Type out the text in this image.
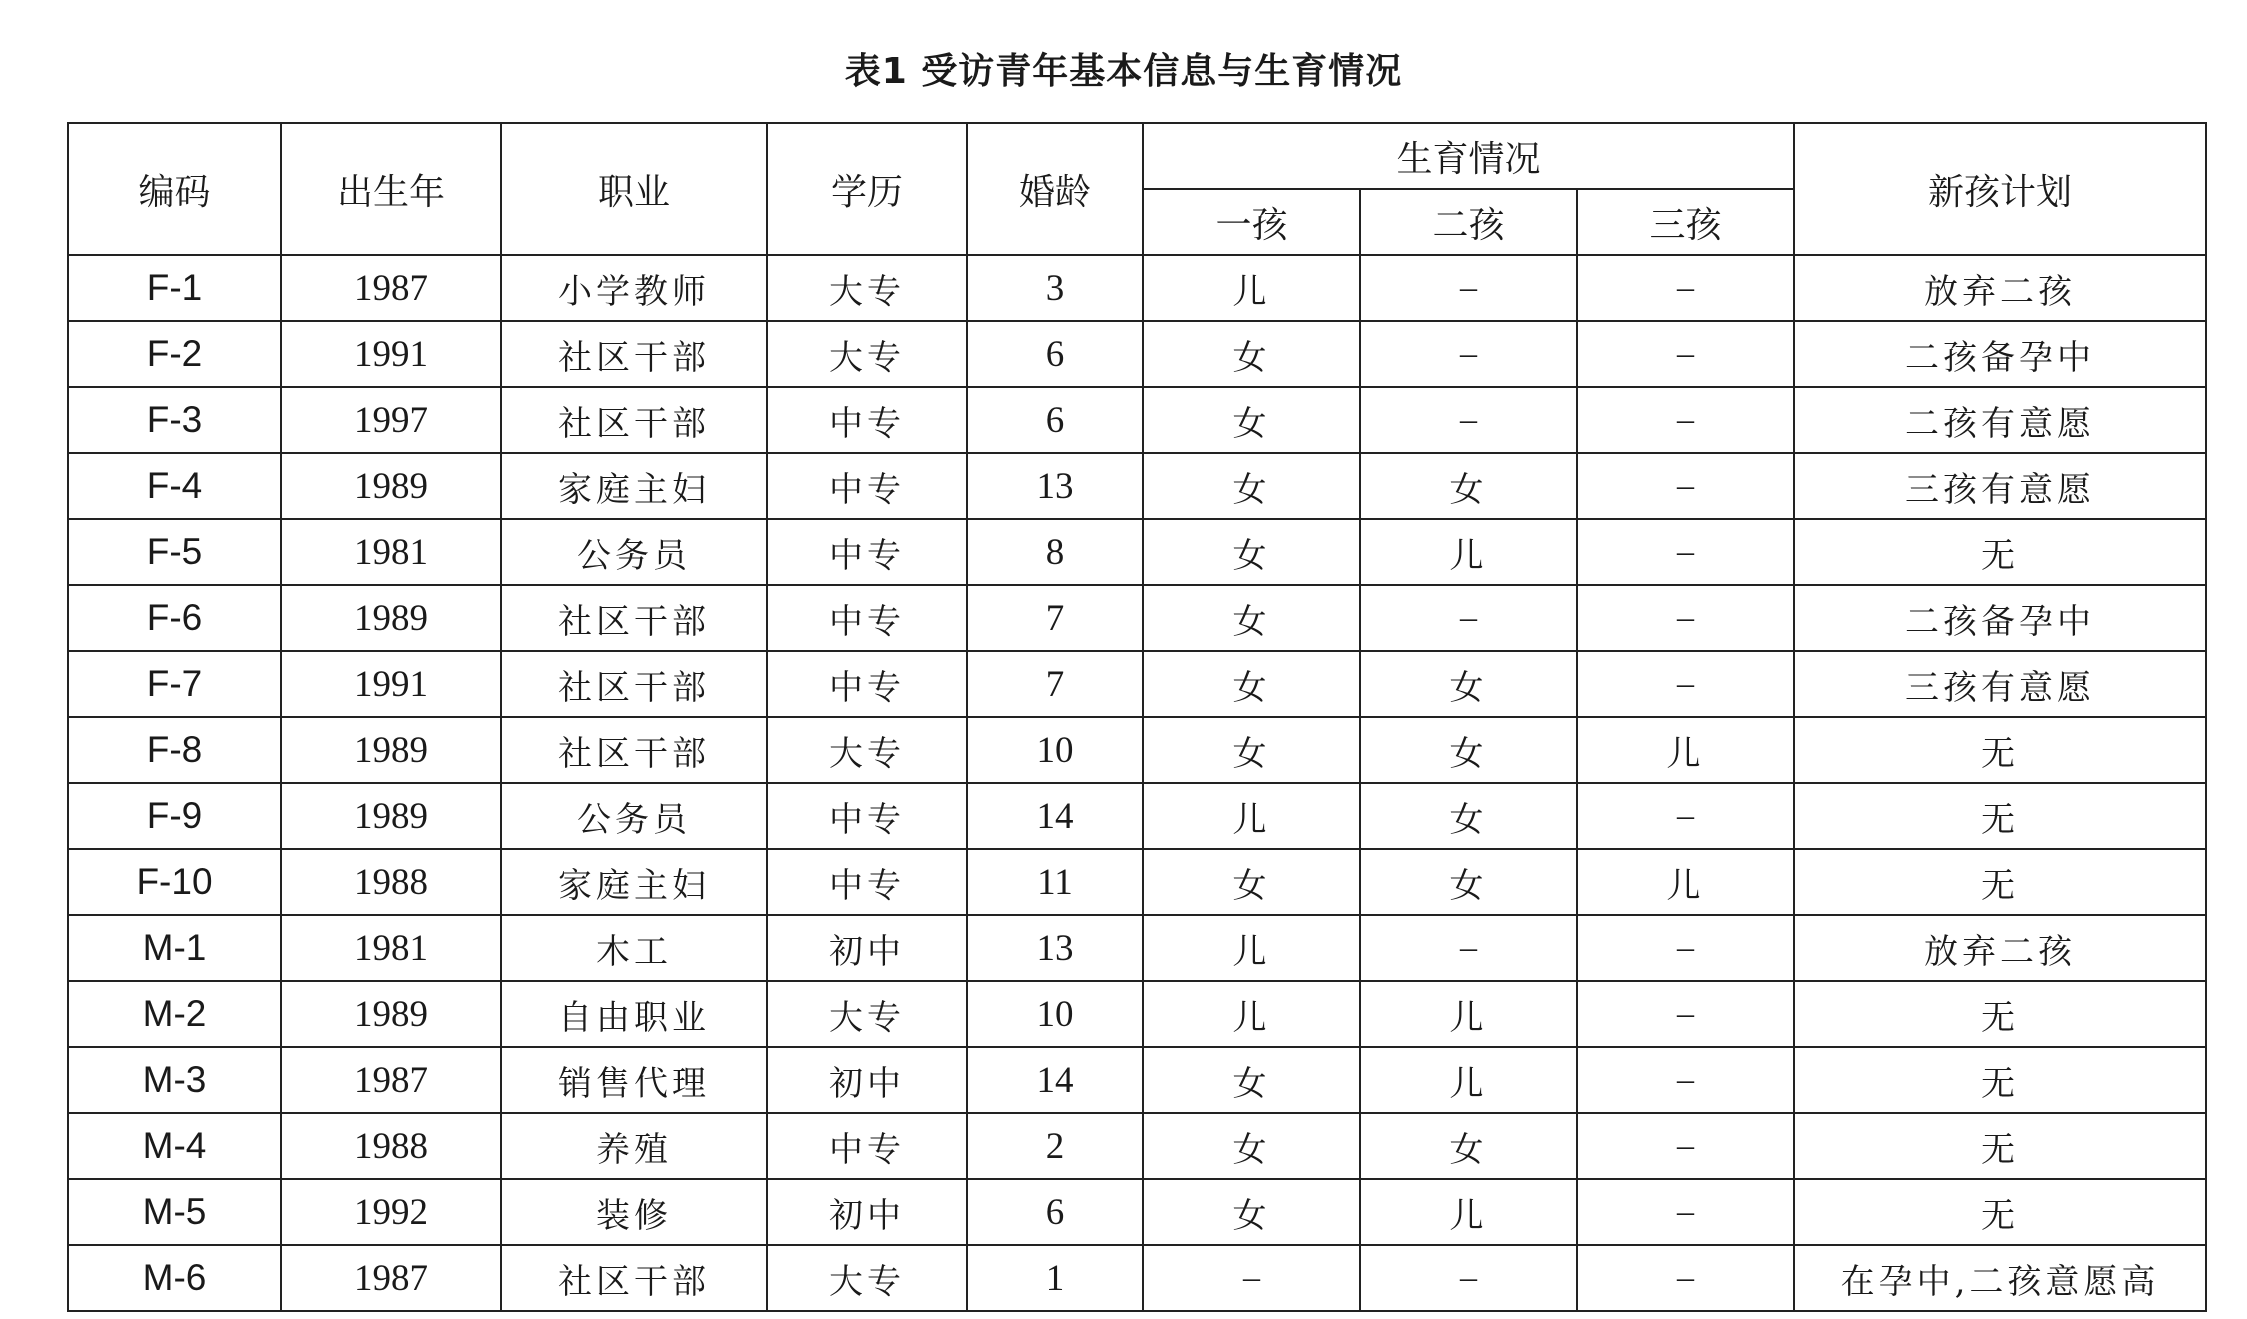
表1 受访青年基本信息与生育情况
编码	出生年	职业	学历	婚龄	生育情况			新孩计划
					一孩	二孩	三孩	
F-1	1987	小学教师	大专	3	儿	–	–	放弃二孩
F-2	1991	社区干部	大专	6	女	–	–	二孩备孕中
F-3	1997	社区干部	中专	6	女	–	–	二孩有意愿
F-4	1989	家庭主妇	中专	13	女	女	–	三孩有意愿
F-5	1981	公务员	中专	8	女	儿	–	无
F-6	1989	社区干部	中专	7	女	–	–	二孩备孕中
F-7	1991	社区干部	中专	7	女	女	–	三孩有意愿
F-8	1989	社区干部	大专	10	女	女	儿	无
F-9	1989	公务员	中专	14	儿	女	–	无
F-10	1988	家庭主妇	中专	11	女	女	儿	无
M-1	1981	木工	初中	13	儿	–	–	放弃二孩
M-2	1989	自由职业	大专	10	儿	儿	–	无
M-3	1987	销售代理	初中	14	女	儿	–	无
M-4	1988	养殖	中专	2	女	女	–	无
M-5	1992	装修	初中	6	女	儿	–	无
M-6	1987	社区干部	大专	1	–	–	–	在孕中,二孩意愿高
